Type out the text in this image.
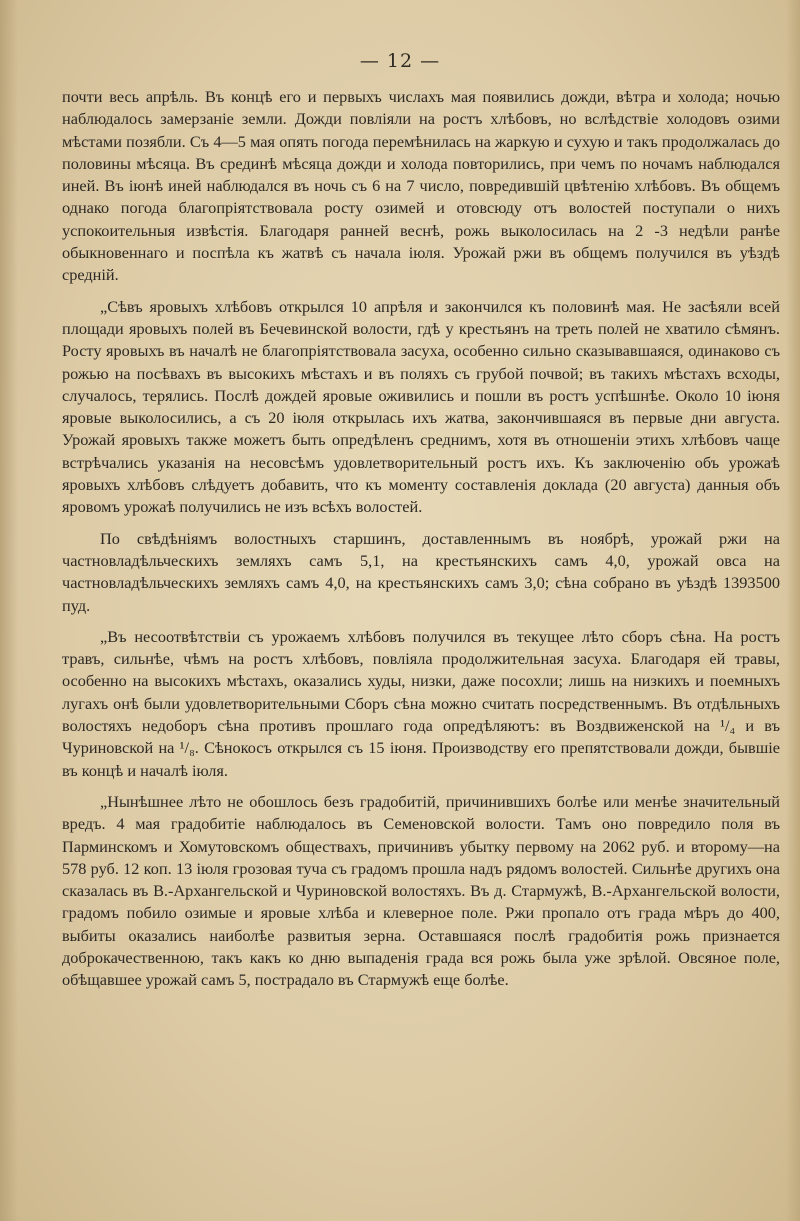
— 12 —

почти весь апрѣль. Въ концѣ его и первыхъ числахъ мая появились дожди, вѣтра и холода; ночью наблюдалось замерзаніе земли. Дожди повліяли на ростъ хлѣбовъ, но вслѣдствіе холодовъ озими мѣстами позябли. Съ 4—5 мая опять погода перемѣнилась на жаркую и сухую и такъ продолжалась до половины мѣсяца. Въ срединѣ мѣсяца дожди и холода повторились, при чемъ по ночамъ наблюдался иней. Въ іюнѣ иней наблюдался въ ночь съ 6 на 7 число, повредившій цвѣтенію хлѣбовъ. Въ общемъ однако погода благопріятствовала росту озимей и отовсюду отъ волостей поступали о нихъ успокоительныя извѣстія. Благодаря ранней веснѣ, рожь выколосилась на 2 -3 недѣли ранѣе обыкновеннаго и поспѣла къ жатвѣ съ начала іюля. Урожай ржи въ общемъ получился въ уѣздѣ средній.

„Сѣвъ яровыхъ хлѣбовъ открылся 10 апрѣля и закончился къ половинѣ мая. Не засѣяли всей площади яровыхъ полей въ Бечевинской волости, гдѣ у крестьянъ на треть полей не хватило сѣмянъ. Росту яровыхъ въ началѣ не благопріятствовала засуха, особенно сильно сказывавшаяся, одинаково съ рожью на посѣвахъ въ высокихъ мѣстахъ и въ поляхъ съ грубой почвой; въ такихъ мѣстахъ всходы, случалось, терялись. Послѣ дождей яровые оживились и пошли въ ростъ успѣшнѣе. Около 10 іюня яровые выколосились, а съ 20 іюля открылась ихъ жатва, закончившаяся въ первые дни августа. Урожай яровыхъ также можетъ быть опредѣленъ среднимъ, хотя въ отношеніи этихъ хлѣбовъ чаще встрѣчались указанія на несовсѣмъ удовлетворительный ростъ ихъ. Къ заключенію объ урожаѣ яровыхъ хлѣбовъ слѣдуетъ добавить, что къ моменту составленія доклада (20 августа) данныя объ яровомъ урожаѣ получились не изъ всѣхъ волостей.

По свѣдѣніямъ волостныхъ старшинъ, доставленнымъ въ ноябрѣ, урожай ржи на частновладѣльческихъ земляхъ самъ 5,1, на крестьянскихъ самъ 4,0, урожай овса на частновладѣльческихъ земляхъ самъ 4,0, на крестьянскихъ самъ 3,0; сѣна собрано въ уѣздѣ 1393500 пуд.

„Въ несоотвѣтствіи съ урожаемъ хлѣбовъ получился въ текущее лѣто сборъ сѣна. На ростъ травъ, сильнѣе, чѣмъ на ростъ хлѣбовъ, повліяла продолжительная засуха. Благодаря ей травы, особенно на высокихъ мѣстахъ, оказались худы, низки, даже посохли; лишь на низкихъ и поемныхъ лугахъ онѣ были удовлетворительными Сборъ сѣна можно считать посредственнымъ. Въ отдѣльныхъ волостяхъ недоборъ сѣна противъ прошлаго года опредѣляютъ: въ Воздвиженской на ¹/₄ и въ Чуриновской на ¹/₈. Сѣнокосъ открылся съ 15 іюня. Производству его препятствовали дожди, бывшіе въ концѣ и началѣ іюля.

„Нынѣшнее лѣто не обошлось безъ градобитій, причинившихъ болѣе или менѣе значительный вредъ. 4 мая градобитіе наблюдалось въ Семеновской волости. Тамъ оно повредило поля въ Парминскомъ и Хомутовскомъ обществахъ, причинивъ убытку первому на 2062 руб. и второму—на 578 руб. 12 коп. 13 іюля грозовая туча съ градомъ прошла надъ рядомъ волостей. Сильнѣе другихъ она сказалась въ В.-Архангельской и Чуриновской волостяхъ. Въ д. Стармужѣ, В.-Архангельской волости, градомъ побило озимые и яровые хлѣба и клеверное поле. Ржи пропало отъ града мѣръ до 400, выбиты оказались наиболѣе развитыя зерна. Оставшаяся послѣ градобитія рожь признается доброкачественною, такъ какъ ко дню выпаденія града вся рожь была уже зрѣлой. Овсяное поле, обѣщавшее урожай самъ 5, пострадало въ Стармужѣ еще болѣе.
